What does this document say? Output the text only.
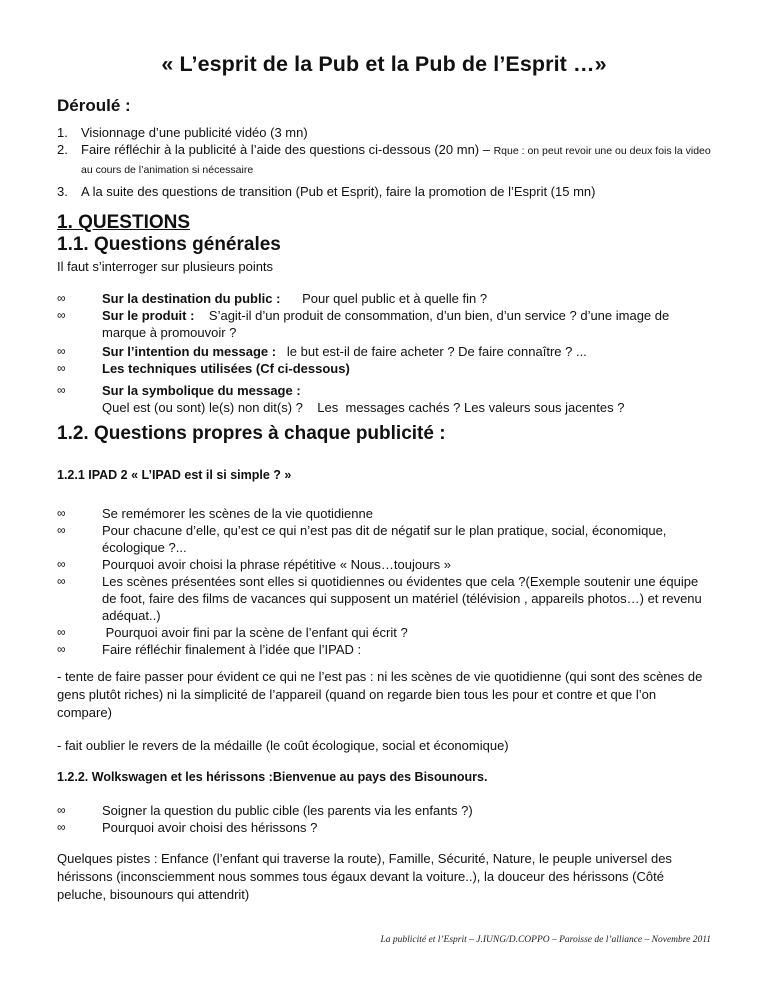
« L’esprit de la Pub et la Pub de l’Esprit …»
Déroulé :
1. Visionnage d’une publicité vidéo (3 mn)
2. Faire réfléchir à la publicité à l’aide des questions ci-dessous (20 mn) – Rque : on peut revoir une ou deux fois la video au cours de l’animation si nécessaire
3. A la suite des questions de transition (Pub et Esprit), faire la promotion de l’Esprit (15 mn)
1. QUESTIONS
1.1. Questions générales
Il faut s’interroger sur plusieurs points
∞	Sur la destination du public :      Pour quel public et à quelle fin ?
∞	Sur le produit :    S’agit-il d’un produit de consommation, d’un bien, d’un service ? d’une image de marque à promouvoir ?
∞	Sur l’intention du message :   le but est-il de faire acheter ? De faire connaître ? ...
∞	Les techniques utilisées (Cf ci-dessous)
∞	Sur la symbolique du message :
Quel est (ou sont) le(s) non dit(s) ?    Les  messages cachés ? Les valeurs sous jacentes ?
1.2. Questions propres à chaque publicité :
1.2.1 IPAD 2 « L’IPAD est il si simple ? »
∞	Se remémorer les scènes de la vie quotidienne
∞	Pour chacune d’elle, qu’est ce qui n’est pas dit de négatif sur le plan pratique, social, économique, écologique ?...
∞	Pourquoi avoir choisi la phrase répétitive « Nous…toujours »
∞	Les scènes présentées sont elles si quotidiennes ou évidentes que cela ?(Exemple soutenir une équipe de foot, faire des films de vacances qui supposent un matériel (télévision , appareils photos…) et revenu adéquat..)
∞	Pourquoi avoir fini par la scène de l’enfant qui écrit ?
∞	Faire réfléchir finalement à l’idée que l’IPAD :
- tente de faire passer pour évident ce qui ne l’est pas : ni les scènes de vie quotidienne (qui sont des scènes de gens plutôt riches) ni la simplicité de l’appareil (quand on regarde bien tous les pour et contre et que l’on compare)
- fait oublier le revers de la médaille (le coût écologique, social et économique)
1.2.2. Wolkswagen et les hérissons :Bienvenue au pays des Bisounours.
∞	Soigner la question du public cible (les parents via les enfants ?)
∞	Pourquoi avoir choisi des hérissons ?
Quelques pistes : Enfance (l’enfant qui traverse la route), Famille, Sécurité, Nature, le peuple universel des hérissons (inconsciemment nous sommes tous égaux devant la voiture..), la douceur des hérissons (Côté peluche, bisounours qui attendrit)
La publicité et l’Esprit – J.IUNG/D.COPPO – Paroisse de l’alliance – Novembre 2011
